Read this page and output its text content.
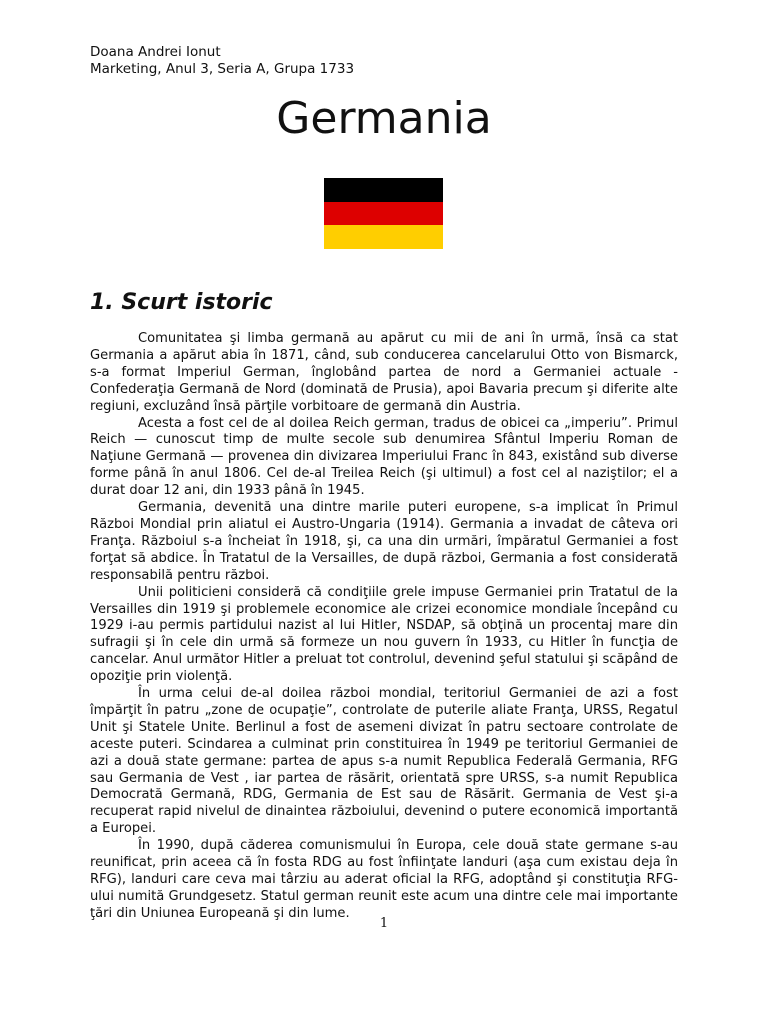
Doana Andrei Ionut
Marketing, Anul 3, Seria A, Grupa 1733
Germania
1. Scurt istoric

Comunitatea şi limba germană au apărut cu mii de ani în urmă, însă ca stat Germania a apărut abia în 1871, când, sub conducerea cancelarului Otto von Bismarck, s-a format Imperiul German, înglobând partea de nord a Germaniei actuale - Confederaţia Germană de Nord (dominată de Prusia), apoi Bavaria precum şi diferite alte regiuni, excluzând însă părţile vorbitoare de germană din Austria.

Acesta a fost cel de al doilea Reich german, tradus de obicei ca „imperiu”. Primul Reich — cunoscut timp de multe secole sub denumirea Sfântul Imperiu Roman de Naţiune Germană — provenea din divizarea Imperiului Franc în 843, existând sub diverse forme până în anul 1806. Cel de-al Treilea Reich (şi ultimul) a fost cel al naziştilor; el a durat doar 12 ani, din 1933 până în 1945.

Germania, devenită una dintre marile puteri europene, s-a implicat în Primul Război Mondial prin aliatul ei Austro-Ungaria (1914). Germania a invadat de câteva ori Franţa. Războiul s-a încheiat în 1918, şi, ca una din urmări, împăratul Germaniei a fost forţat să abdice. În Tratatul de la Versailles, de după război, Germania a fost considerată responsabilă pentru război.

Unii politicieni consideră că condiţiile grele impuse Germaniei prin Tratatul de la Versailles din 1919 şi problemele economice ale crizei economice mondiale începând cu 1929 i-au permis partidului nazist al lui Hitler, NSDAP, să obţină un procentaj mare din sufragii şi în cele din urmă să formeze un nou guvern în 1933, cu Hitler în funcţia de cancelar. Anul următor Hitler a preluat tot controlul, devenind şeful statului şi scăpând de opoziţie prin violenţă.

În urma celui de-al doilea război mondial, teritoriul Germaniei de azi a fost împărţit în patru „zone de ocupaţie”, controlate de puterile aliate Franţa, URSS, Regatul Unit şi Statele Unite. Berlinul a fost de asemeni divizat în patru sectoare controlate de aceste puteri. Scindarea a culminat prin constituirea în 1949 pe teritoriul Germaniei de azi a două state germane: partea de apus s-a numit Republica Federală Germania, RFG sau Germania de Vest , iar partea de răsărit, orientată spre URSS, s-a numit Republica Democrată Germană, RDG, Germania de Est sau de Răsărit. Germania de Vest şi-a recuperat rapid nivelul de dinaintea războiului, devenind o putere economică importantă a Europei.

În 1990, după căderea comunismului în Europa, cele două state germane s-au reunificat, prin aceea că în fosta RDG au fost înfiinţate landuri (aşa cum existau deja în RFG), landuri care ceva mai târziu au aderat oficial la RFG, adoptând şi constituţia RFG-ului numită Grundgesetz. Statul german reunit este acum una dintre cele mai importante ţări din Uniunea Europeană şi din lume.

1
